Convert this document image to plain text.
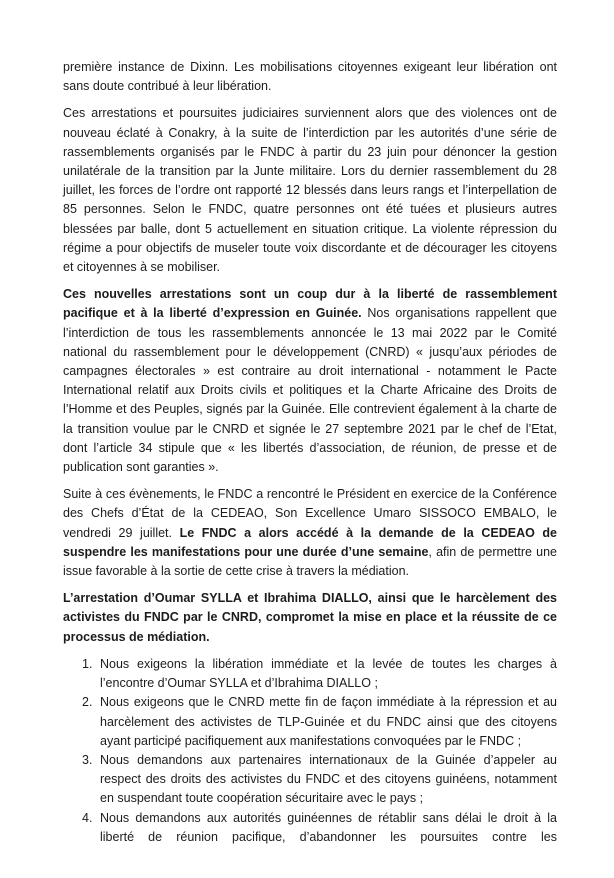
première instance de Dixinn. Les mobilisations citoyennes exigeant leur libération ont sans doute contribué à leur libération.

Ces arrestations et poursuites judiciaires surviennent alors que des violences ont de nouveau éclaté à Conakry, à la suite de l’interdiction par les autorités d’une série de rassemblements organisés par le FNDC à partir du 23 juin pour dénoncer la gestion unilatérale de la transition par la Junte militaire. Lors du dernier rassemblement du 28 juillet, les forces de l’ordre ont rapporté 12 blessés dans leurs rangs et l’interpellation de 85 personnes. Selon le FNDC, quatre personnes ont été tuées et plusieurs autres blessées par balle, dont 5 actuellement en situation critique. La violente répression du régime a pour objectifs de museler toute voix discordante et de décourager les citoyens et citoyennes à se mobiliser.

Ces nouvelles arrestations sont un coup dur à la liberté de rassemblement pacifique et à la liberté d’expression en Guinée. Nos organisations rappellent que l’interdiction de tous les rassemblements annoncée le 13 mai 2022 par le Comité national du rassemblement pour le développement (CNRD) « jusqu’aux périodes de campagnes électorales » est contraire au droit international - notamment le Pacte International relatif aux Droits civils et politiques et la Charte Africaine des Droits de l’Homme et des Peuples, signés par la Guinée. Elle contrevient également à la charte de la transition voulue par le CNRD et signée le 27 septembre 2021 par le chef de l’Etat, dont l’article 34 stipule que « les libertés d’association, de réunion, de presse et de publication sont garanties ».

Suite à ces évènements, le FNDC a rencontré le Président en exercice de la Conférence des Chefs d’État de la CEDEAO, Son Excellence Umaro SISSOCO EMBALO, le vendredi 29 juillet. Le FNDC a alors accédé à la demande de la CEDEAO de suspendre les manifestations pour une durée d’une semaine, afin de permettre une issue favorable à la sortie de cette crise à travers la médiation.

L’arrestation d’Oumar SYLLA et Ibrahima DIALLO, ainsi que le harcèlement des activistes du FNDC par le CNRD, compromet la mise en place et la réussite de ce processus de médiation.

1. Nous exigeons la libération immédiate et la levée de toutes les charges à l’encontre d’Oumar SYLLA et d’Ibrahima DIALLO ;
2. Nous exigeons que le CNRD mette fin de façon immédiate à la répression et au harcèlement des activistes de TLP-Guinée et du FNDC ainsi que des citoyens ayant participé pacifiquement aux manifestations convoquées par le FNDC ;
3. Nous demandons aux partenaires internationaux de la Guinée d’appeler au respect des droits des activistes du FNDC et des citoyens guinéens, notamment en suspendant toute coopération sécuritaire avec le pays ;
4. Nous demandons aux autorités guinéennes de rétablir sans délai le droit à la liberté de réunion pacifique, d’abandonner les poursuites contre les
